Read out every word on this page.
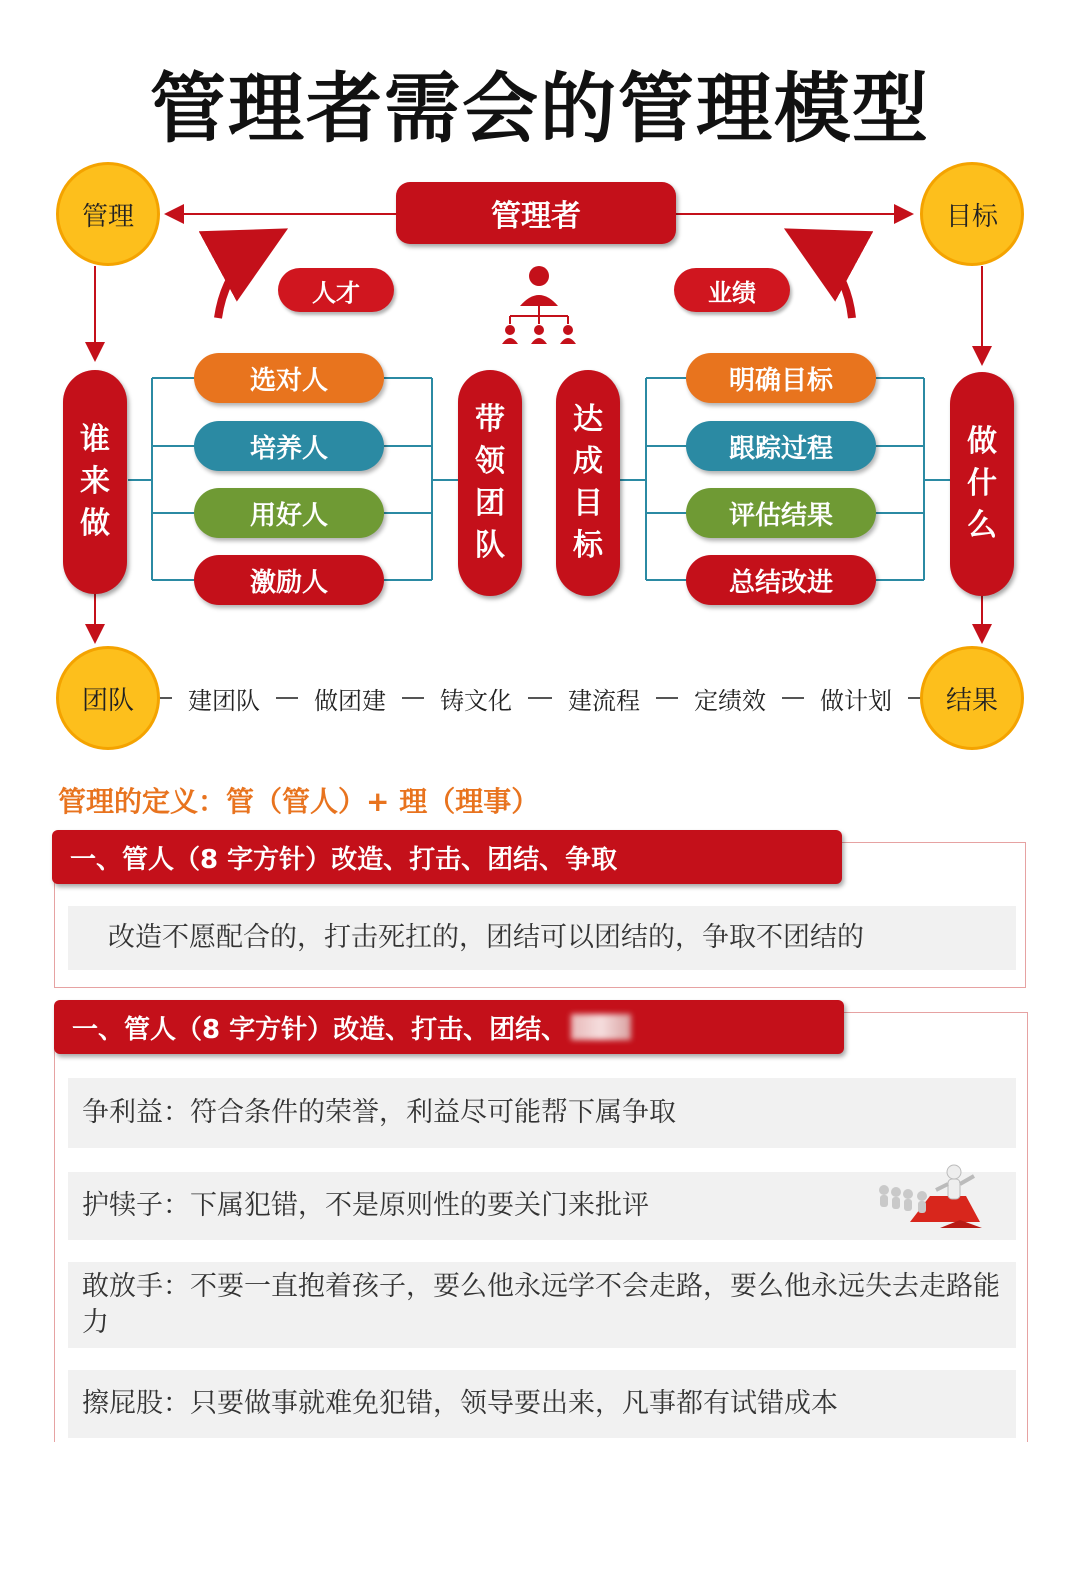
管理者需会的管理模型
管理者
管理	目标
团队	结果
人才	业绩
谁
来
做
做
什
么
带
领
团
队
达
成
目
标
选对人
培养人
用好人
激励人
明确目标
跟踪过程
评估结果
总结改进
建团队	做团建	铸文化	建流程	定绩效	做计划
管理的定义：管（管人）+ 理（理事）
一、管人（8 字方针）改造、打击、团结、争取
改造不愿配合的，打击死扛的，团结可以团结的，争取不团结的
一、管人（8 字方针）改造、打击、团结、
争利益：符合条件的荣誉，利益尽可能帮下属争取
护犊子：下属犯错，不是原则性的要关门来批评
敢放手：不要一直抱着孩子，要么他永远学不会走路，要么他永远失去走路能力
擦屁股：只要做事就难免犯错，领导要出来，凡事都有试错成本
